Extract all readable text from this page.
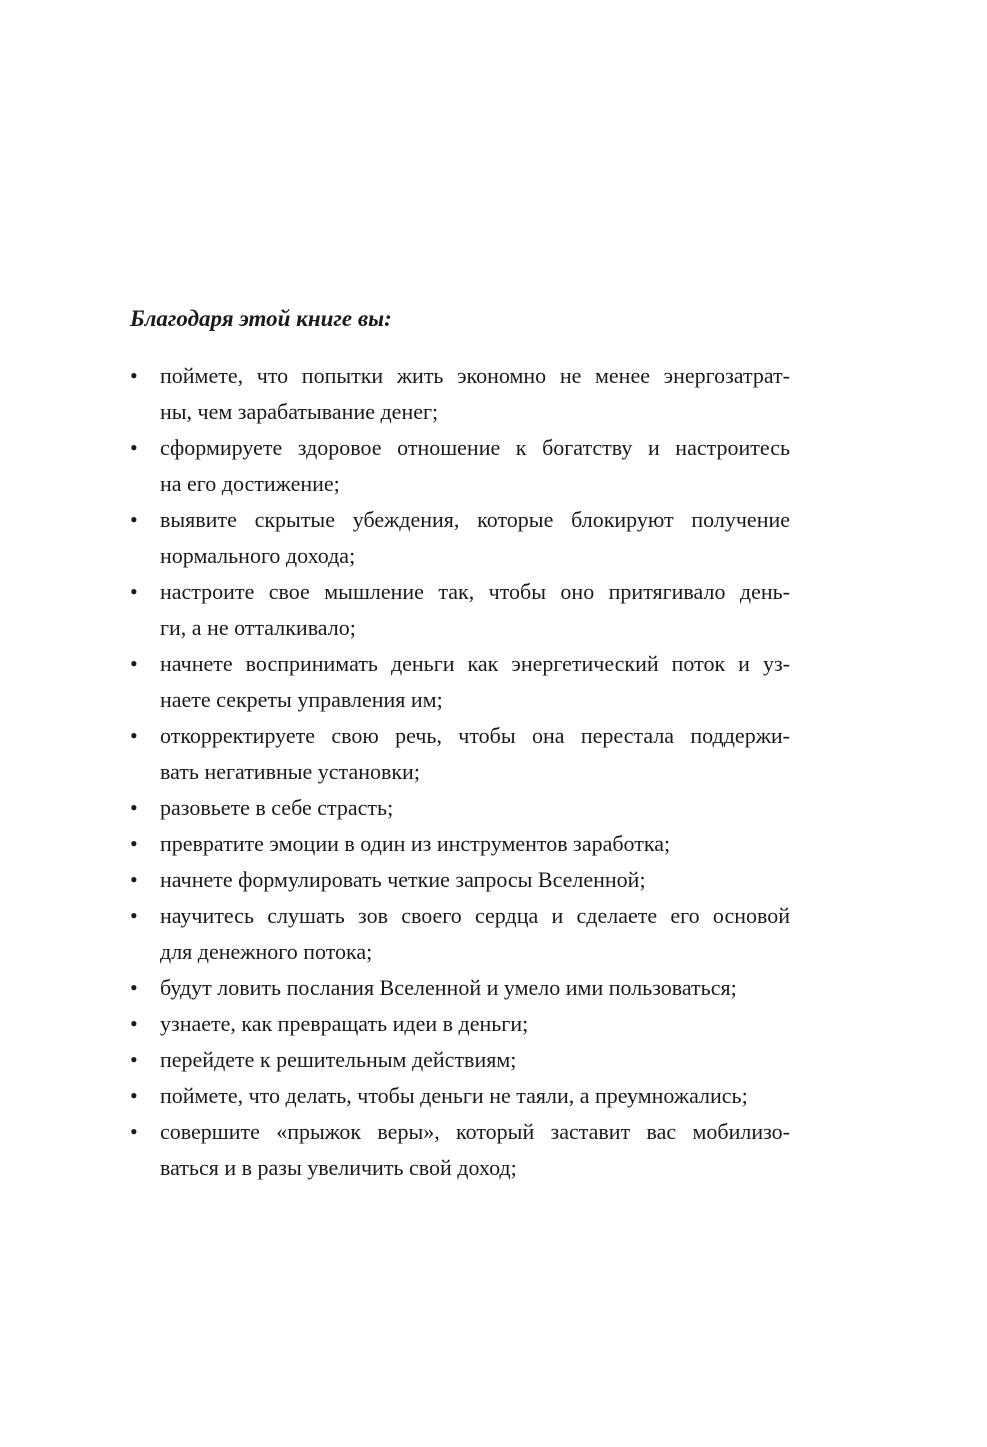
Благодаря этой книге вы:

• поймете, что попытки жить экономно не менее энергозатрат-
ны, чем зарабатывание денег;
• сформируете здоровое отношение к богатству и настроитесь
на его достижение;
• выявите скрытые убеждения, которые блокируют получение
нормального дохода;
• настроите свое мышление так, чтобы оно притягивало день-
ги, а не отталкивало;
• начнете воспринимать деньги как энергетический поток и уз-
наете секреты управления им;
• откорректируете свою речь, чтобы она перестала поддержи-
вать негативные установки;
• разовьете в себе страсть;
• превратите эмоции в один из инструментов заработка;
• начнете формулировать четкие запросы Вселенной;
• научитесь слушать зов своего сердца и сделаете его основой
для денежного потока;
• будут ловить послания Вселенной и умело ими пользоваться;
• узнаете, как превращать идеи в деньги;
• перейдете к решительным действиям;
• поймете, что делать, чтобы деньги не таяли, а преумножались;
• совершите «прыжок веры», который заставит вас мобилизо-
ваться и в разы увеличить свой доход;
